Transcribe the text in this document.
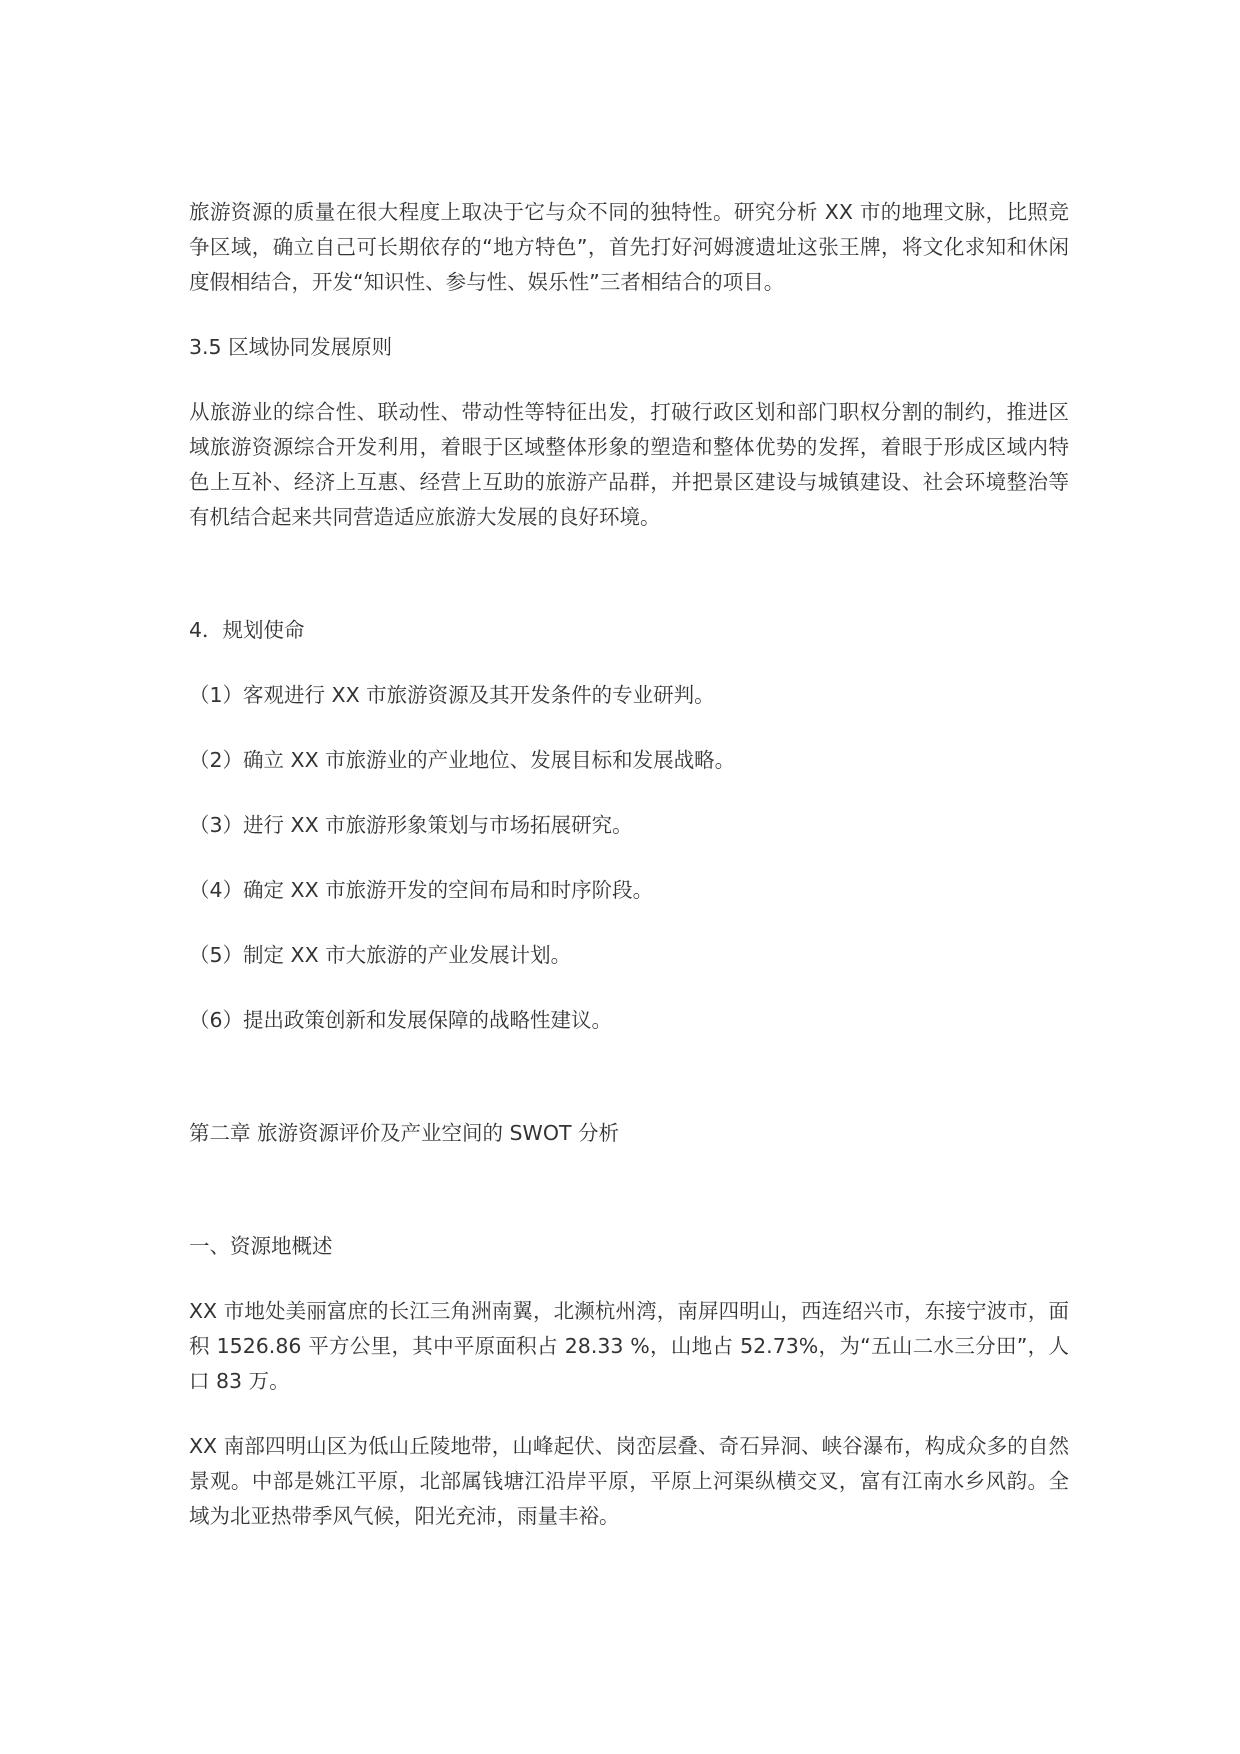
旅游资源的质量在很大程度上取决于它与众不同的独特性。研究分析 XX 市的地理文脉，比照竞争区域，确立自己可长期依存的“地方特色”，首先打好河姆渡遗址这张王牌，将文化求知和休闲度假相结合，开发“知识性、参与性、娱乐性”三者相结合的项目。

3.5 区域协同发展原则

从旅游业的综合性、联动性、带动性等特征出发，打破行政区划和部门职权分割的制约，推进区域旅游资源综合开发利用，着眼于区域整体形象的塑造和整体优势的发挥，着眼于形成区域内特色上互补、经济上互惠、经营上互助的旅游产品群，并把景区建设与城镇建设、社会环境整治等有机结合起来共同营造适应旅游大发展的良好环境。

4．规划使命

（1）客观进行 XX 市旅游资源及其开发条件的专业研判。

（2）确立 XX 市旅游业的产业地位、发展目标和发展战略。

（3）进行 XX 市旅游形象策划与市场拓展研究。

（4）确定 XX 市旅游开发的空间布局和时序阶段。

（5）制定 XX 市大旅游的产业发展计划。

（6）提出政策创新和发展保障的战略性建议。

第二章 旅游资源评价及产业空间的 SWOT 分析

一、资源地概述

XX 市地处美丽富庶的长江三角洲南翼，北濒杭州湾，南屏四明山，西连绍兴市，东接宁波市，面积 1526.86 平方公里，其中平原面积占 28.33 %，山地占 52.73%，为“五山二水三分田”，人口 83 万。

XX 南部四明山区为低山丘陵地带，山峰起伏、岗峦层叠、奇石异洞、峡谷瀑布，构成众多的自然景观。中部是姚江平原，北部属钱塘江沿岸平原，平原上河渠纵横交叉，富有江南水乡风韵。全域为北亚热带季风气候，阳光充沛，雨量丰裕。
